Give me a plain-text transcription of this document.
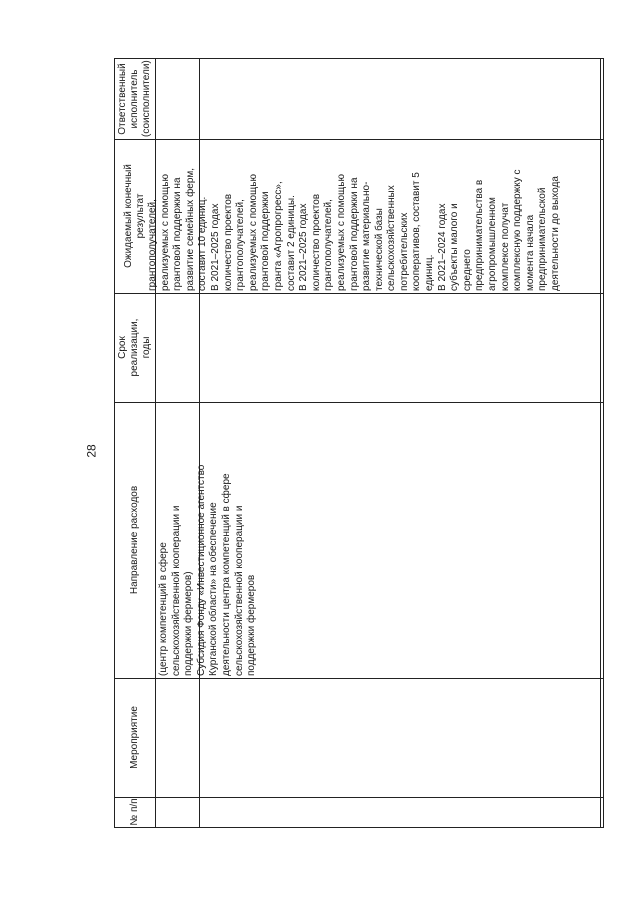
28
Ответственный исполнитель (соисполнители)
Ожидаемый конечный результат
Срок реализации, годы
Направление расходов
Мероприятие
№ п/п
грантополучателей, реализуемых с помощью грантовой поддержки на развитие семейных ферм, составит 10 единиц. В 2021–2025 годах количество проектов грантополучателей, реализуемых с помощью грантовой поддержки гранта «Агропрогресс», составит 2 единицы. В 2021–2025 годах количество проектов грантополучателей, реализуемых с помощью грантовой поддержки на развитие материально- технической базы сельскохозяйственных потребительских кооперативов, составит 5 единиц. В 2021–2024 годах субъекты малого и среднего предпринимательства в агропромышленном комплексе получат комплексную поддержку с момента начала предпринимательской деятельности до выхода
(центр компетенций в сфере сельскохозяйственной кооперации и поддержки фермеров) Субсидия Фонду «Инвестиционное агентство Курганской области» на обеспечение деятельности центра компетенций в сфере сельскохозяйственной кооперации и поддержки фермеров
